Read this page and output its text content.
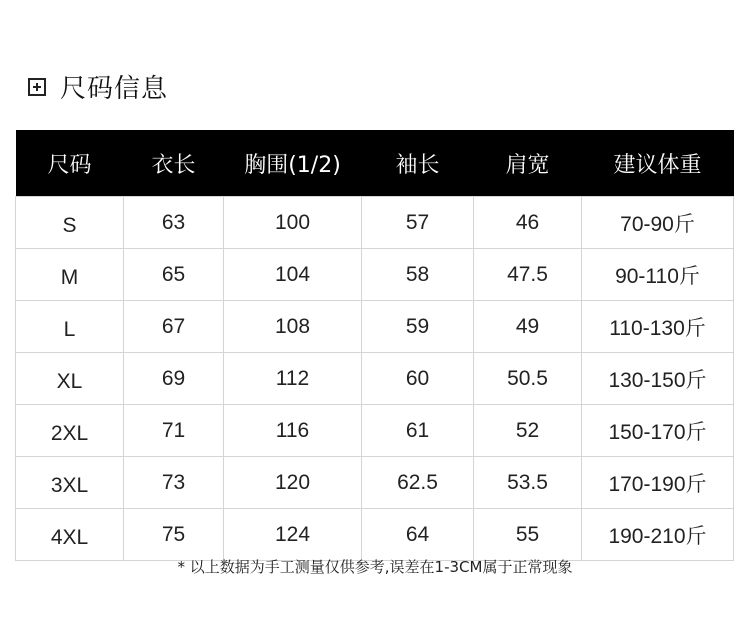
尺码信息
尺码	衣长	胸围(1/2)	袖长	肩宽	建议体重
S	63	100	57	46	70-90斤
M	65	104	58	47.5	90-110斤
L	67	108	59	49	110-130斤
XL	69	112	60	50.5	130-150斤
2XL	71	116	61	52	150-170斤
3XL	73	120	62.5	53.5	170-190斤
4XL	75	124	64	55	190-210斤
* 以上数据为手工测量仅供参考,误差在1-3CM属于正常现象
